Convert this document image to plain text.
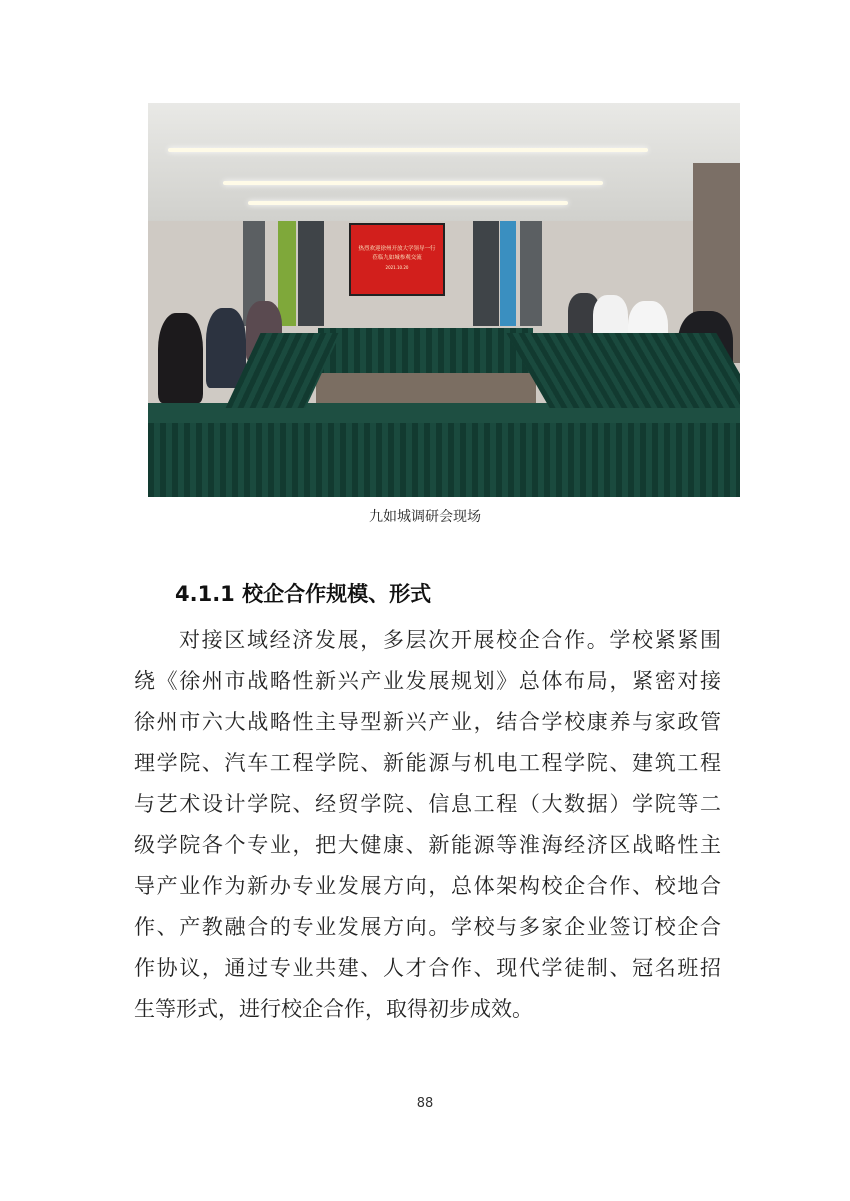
热烈欢迎徐州开放大学领导一行
莅临九如城参观交流
2021.10.20
九如城调研会现场
4.1.1 校企合作规模、形式
对接区域经济发展，多层次开展校企合作。学校紧紧围
绕《徐州市战略性新兴产业发展规划》总体布局，紧密对接
徐州市六大战略性主导型新兴产业，结合学校康养与家政管
理学院、汽车工程学院、新能源与机电工程学院、建筑工程
与艺术设计学院、经贸学院、信息工程（大数据）学院等二
级学院各个专业，把大健康、新能源等淮海经济区战略性主
导产业作为新办专业发展方向，总体架构校企合作、校地合
作、产教融合的专业发展方向。学校与多家企业签订校企合
作协议，通过专业共建、人才合作、现代学徒制、冠名班招
生等形式，进行校企合作，取得初步成效。
88
